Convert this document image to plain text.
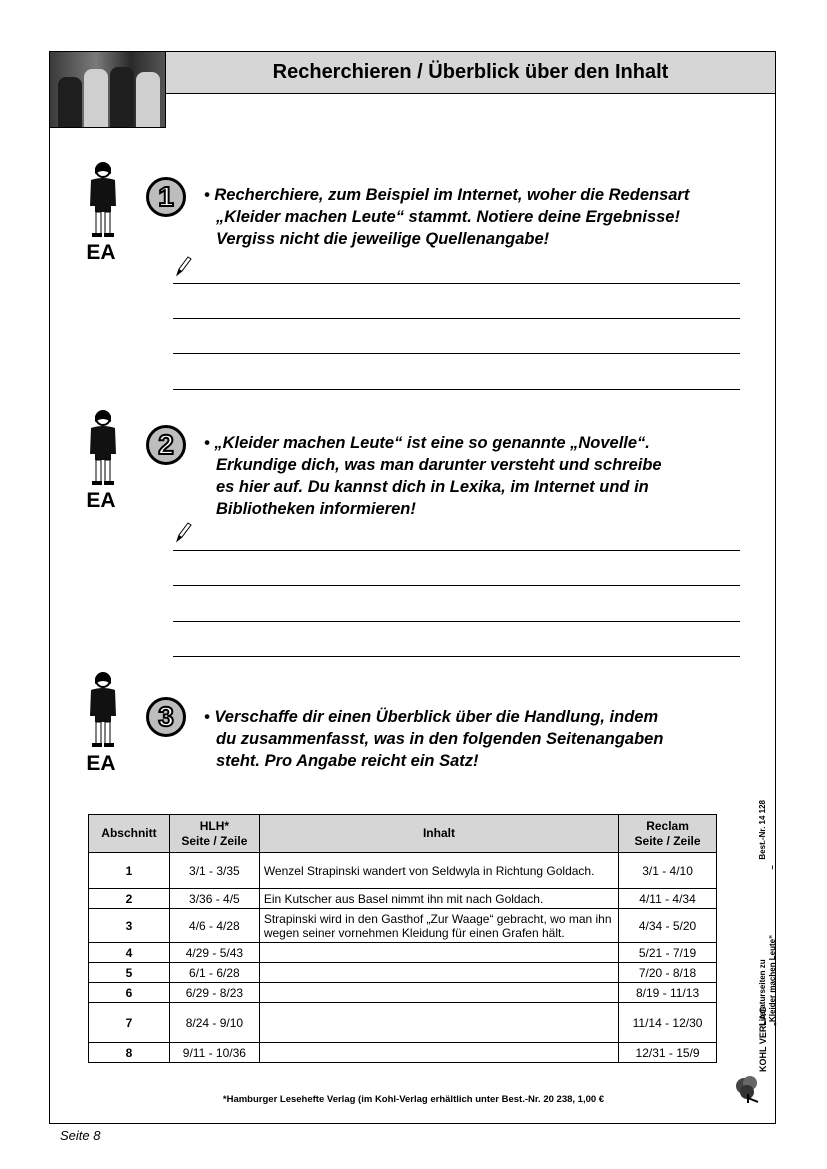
Recherchieren / Überblick über den Inhalt
EA
1	• Recherchiere, zum Beispiel im Internet, woher die Redensart

„Kleider machen Leute“ stammt. Notiere deine Ergebnisse!

Vergiss nicht die jeweilige Quellenangabe!

EA
2	• „Kleider machen Leute“ ist eine so genannte „Novelle“.

Erkundige dich, was man darunter versteht und schreibe

es hier auf. Du kannst dich in Lexika, im Internet und in

Bibliotheken informieren!

EA
3	• Verschaffe dir einen Überblick über die Handlung, indem

du zusammenfasst, was in den folgenden Seitenangaben

steht. Pro Angabe reicht ein Satz!

Abschnitt	HLH*
Seite / Zeile	Inhalt	Reclam
Seite / Zeile
1	3/1 - 3/35	Wenzel Strapinski wandert von Seldwyla in Richtung Goldach.	3/1 - 4/10
2	3/36 - 4/5	Ein Kutscher aus Basel nimmt ihn mit nach Goldach.	4/11 - 4/34
3	4/6 - 4/28	Strapinski wird in den Gasthof „Zur Waage“ gebracht, wo man ihn wegen seiner vornehmen Kleidung für einen Grafen hält.	4/34 - 5/20
4	4/29 - 5/43		5/21 - 7/19
5	6/1 - 6/28		7/20 - 8/18
6	6/29 - 8/23		8/19 - 11/13
7	8/24 - 9/10		11/14 - 12/30
8	9/11 - 10/36		12/31 - 15/9
Literaturseiten zu
Best.-Nr. 14 128
„Kleider machen Leute“
–
KOHL VERLAG
*Hamburger Lesehefte Verlag (im Kohl-Verlag erhältlich unter Best.-Nr. 20 238, 1,00 €
Seite 8
